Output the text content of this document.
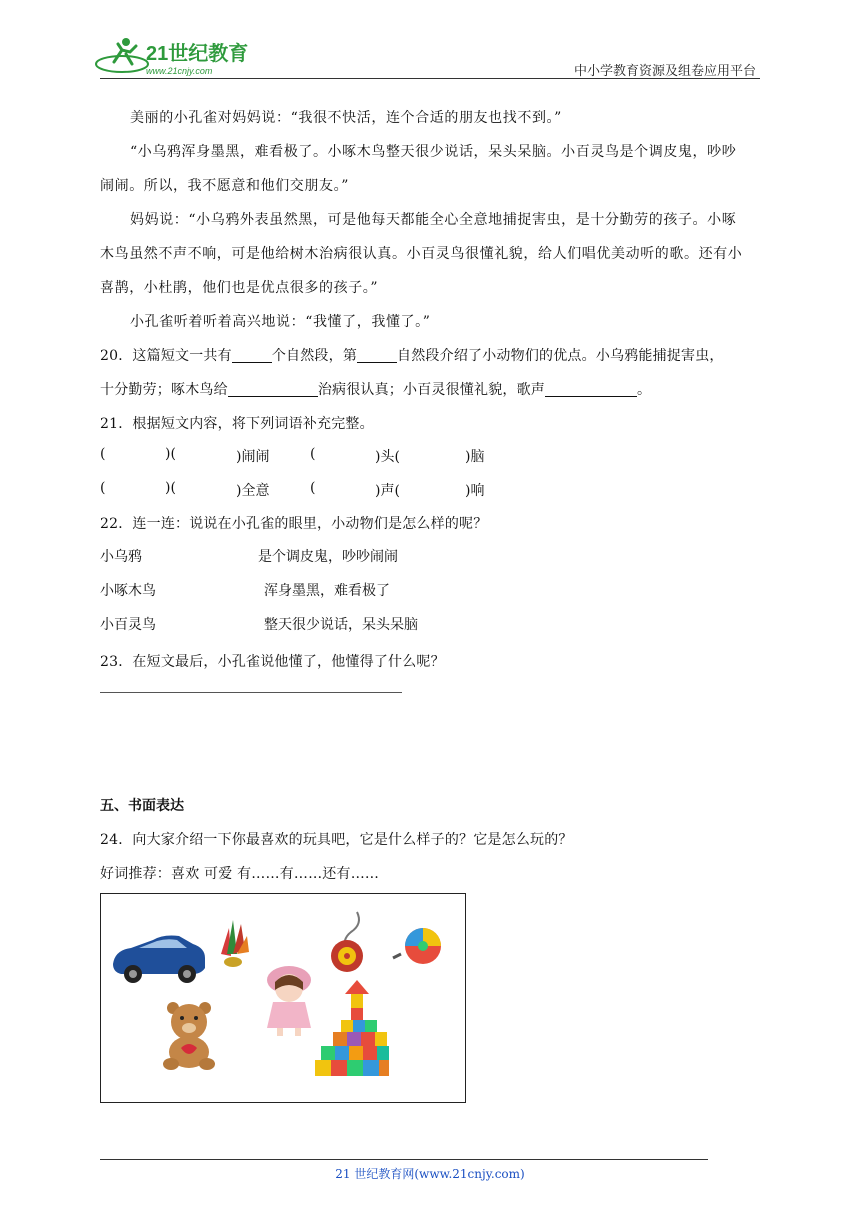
21世纪教育
www.21cnjy.com	中小学教育资源及组卷应用平台
美丽的小孔雀对妈妈说：“我很不快活，连个合适的朋友也找不到。”
“小乌鸦浑身墨黑，难看极了。小啄木鸟整天很少说话，呆头呆脑。小百灵鸟是个调皮鬼，吵吵
闹闹。所以，我不愿意和他们交朋友。”
妈妈说：“小乌鸦外表虽然黑，可是他每天都能全心全意地捕捉害虫，是十分勤劳的孩子。小啄
木鸟虽然不声不响，可是他给树木治病很认真。小百灵鸟很懂礼貌，给人们唱优美动听的歌。还有小
喜鹊，小杜鹃，他们也是优点很多的孩子。”
小孔雀听着听着高兴地说：“我懂了，我懂了。”
20．这篇短文一共有	个自然段，第	自然段介绍了小动物们的优点。小乌鸦能捕捉害虫，
十分勤劳；啄木鸟给	治病很认真；小百灵很懂礼貌，歌声	。
21．根据短文内容，将下列词语补充完整。
(	)(	)闹闹	(	)头(	)脑
(	)(	)全意	(	)声(	)响
22．连一连：说说在小孔雀的眼里，小动物们是怎么样的呢？
小乌鸦	是个调皮鬼，吵吵闹闹
小啄木鸟	浑身墨黑，难看极了
小百灵鸟	整天很少说话，呆头呆脑
23．在短文最后，小孔雀说他懂了，他懂得了什么呢？
五、书面表达
24．向大家介绍一下你最喜欢的玩具吧，它是什么样子的？它是怎么玩的？
好词推荐：喜欢 可爱 有……有……还有……
21 世纪教育网(www.21cnjy.com)
